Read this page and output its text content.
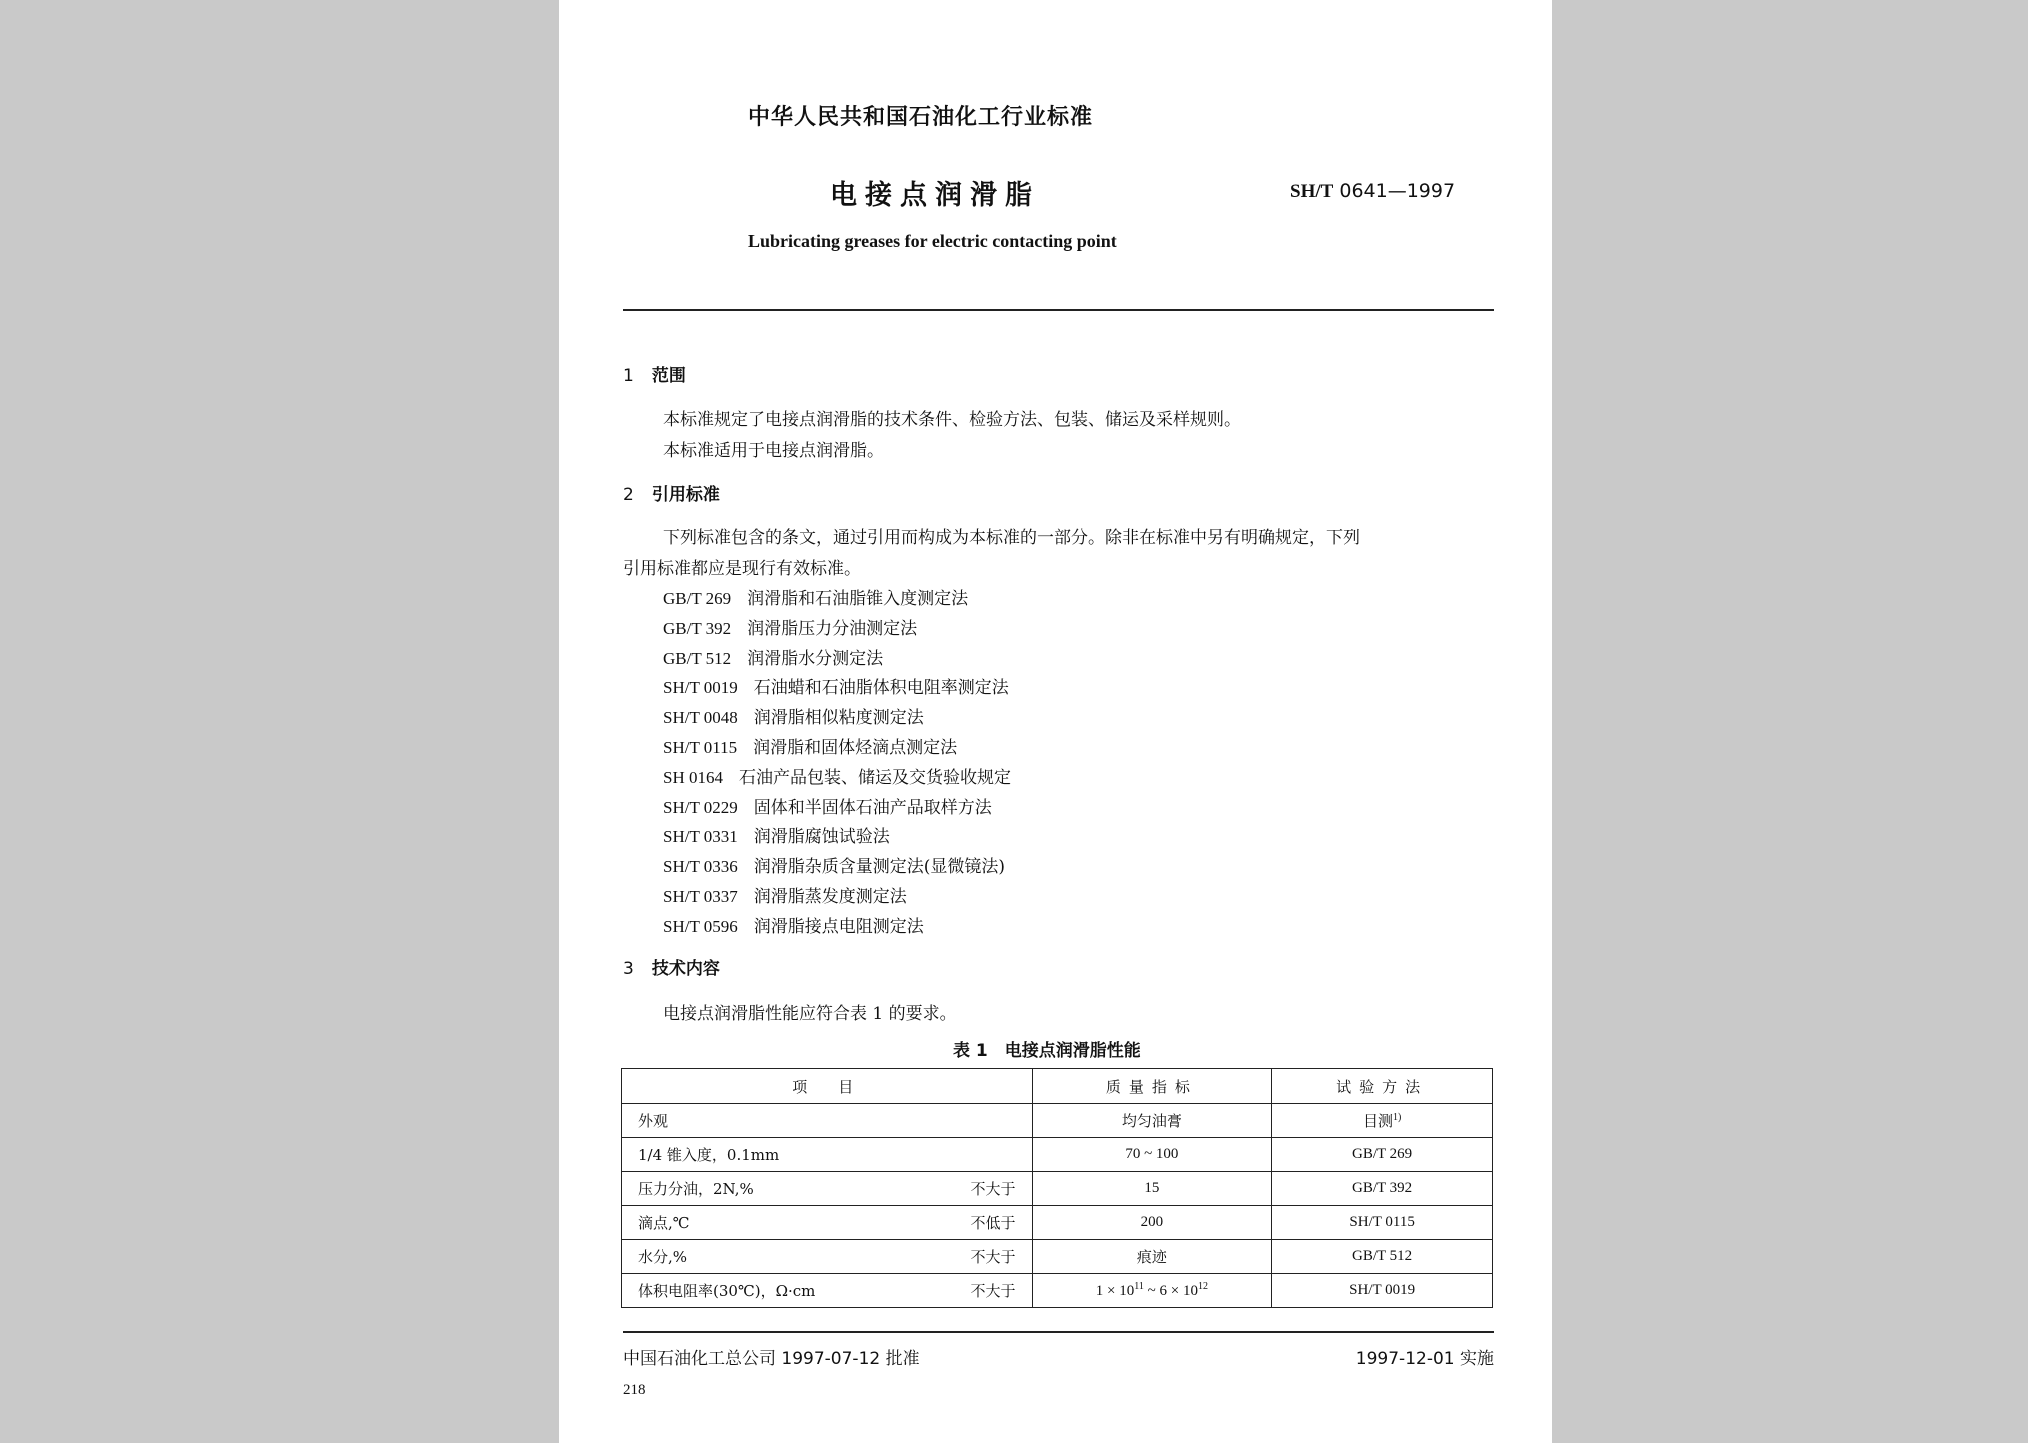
中华人民共和国石油化工行业标准
电接点润滑脂	SH/T 0641—1997
Lubricating greases for electric contacting point
1 范围
本标准规定了电接点润滑脂的技术条件、检验方法、包装、储运及采样规则。
本标准适用于电接点润滑脂。
2 引用标准
下列标准包含的条文，通过引用而构成为本标准的一部分。除非在标准中另有明确规定，下列
引用标准都应是现行有效标准。
GB/T 269 润滑脂和石油脂锥入度测定法
GB/T 392 润滑脂压力分油测定法
GB/T 512 润滑脂水分测定法
SH/T 0019 石油蜡和石油脂体积电阻率测定法
SH/T 0048 润滑脂相似粘度测定法
SH/T 0115 润滑脂和固体烃滴点测定法
SH 0164 石油产品包装、储运及交货验收规定
SH/T 0229 固体和半固体石油产品取样方法
SH/T 0331 润滑脂腐蚀试验法
SH/T 0336 润滑脂杂质含量测定法(显微镜法)
SH/T 0337 润滑脂蒸发度测定法
SH/T 0596 润滑脂接点电阻测定法
3 技术内容
电接点润滑脂性能应符合表 1 的要求。
表 1　电接点润滑脂性能
项　目	质量指标	试验方法
外观	均匀油膏	目测$^{1)}$
1/4 锥入度，0.1mm	70 ~ 100	GB/T 269
压力分油，2N,% 不大于	15	GB/T 392
滴点,℃ 不低于	200	SH/T 0115
水分,% 不大于	痕迹	GB/T 512
体积电阻率(30℃)，Ω·cm 不大于	$1 \times 10^{11}$ ~ $6 \times 10^{12}$	SH/T 0019
中国石油化工总公司 1997-07-12 批准	1997-12-01 实施
218
